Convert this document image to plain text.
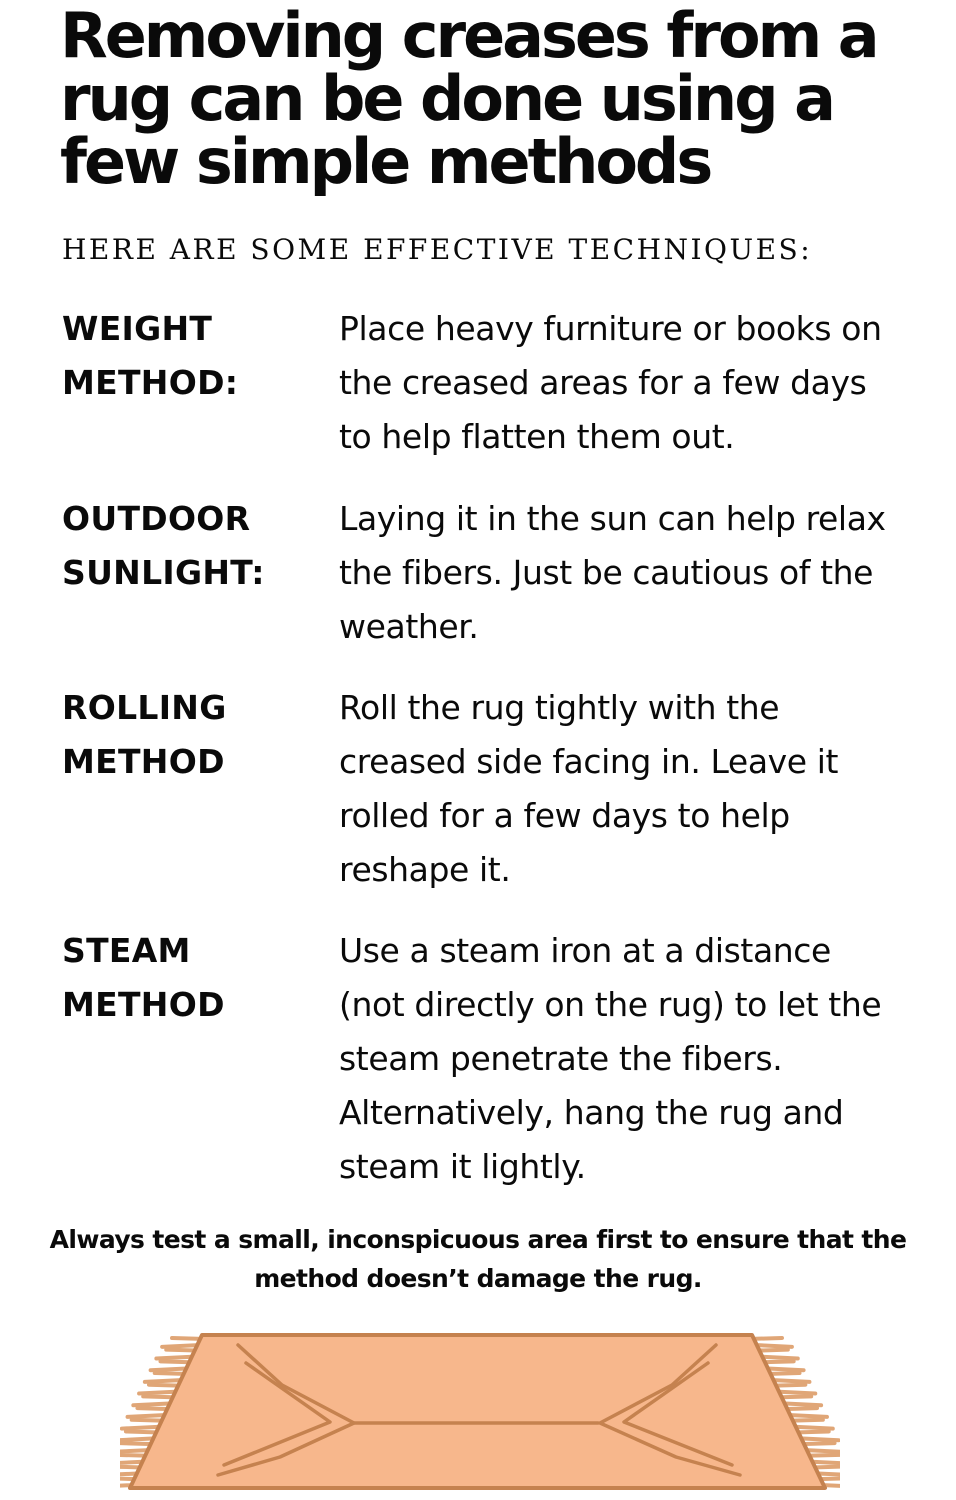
Removing creases from a rug can be done using a few simple methods
HERE ARE SOME EFFECTIVE TECHNIQUES:
WEIGHT METHOD:
Place heavy furniture or books on the creased areas for a few days to help flatten them out.
OUTDOOR SUNLIGHT:
Laying it in the sun can help relax the fibers. Just be cautious of the weather.
ROLLING METHOD
Roll the rug tightly with the creased side facing in. Leave it rolled for a few days to help reshape it.
STEAM METHOD
Use a steam iron at a distance (not directly on the rug) to let the steam penetrate the fibers. Alternatively, hang the rug and steam it lightly.

Always test a small, inconspicuous area first to ensure that the method doesn’t damage the rug.
